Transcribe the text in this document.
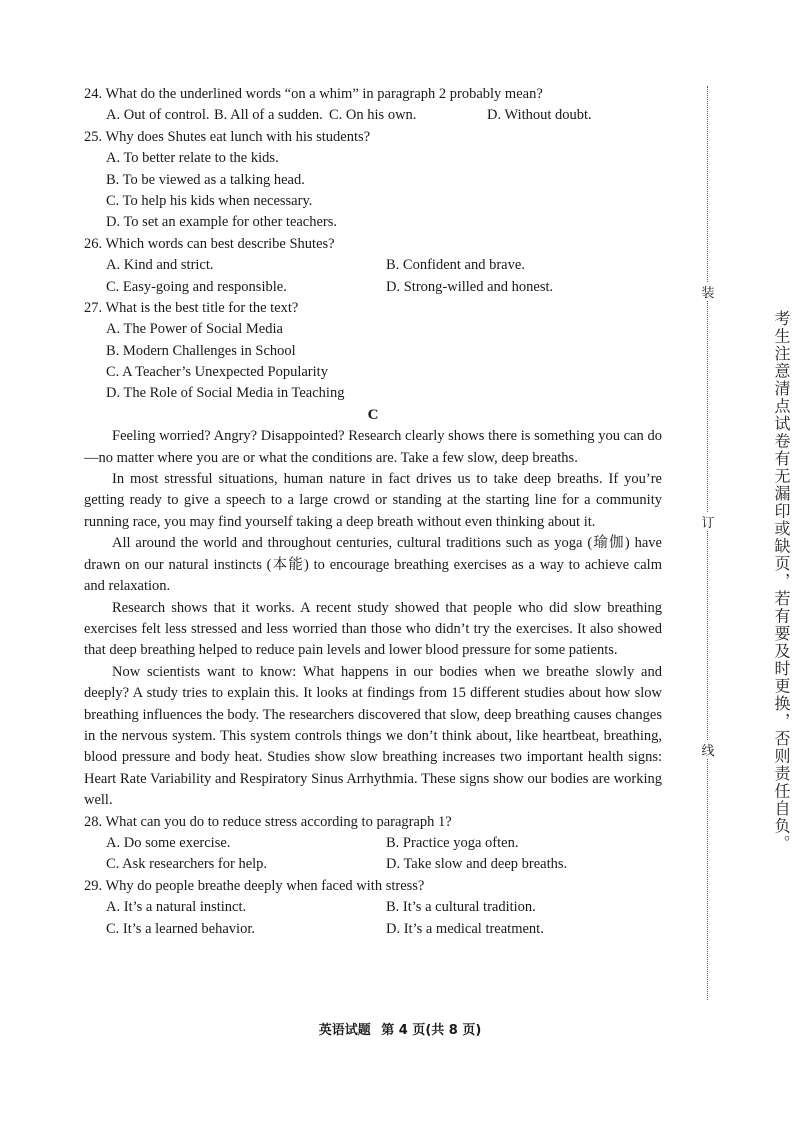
24. What do the underlined words “on a whim” in paragraph 2 probably mean?
A. Out of control. B. All of a sudden. C. On his own.	D. Without doubt.
25. Why does Shutes eat lunch with his students?
A. To better relate to the kids.
B. To be viewed as a talking head.
C. To help his kids when necessary.
D. To set an example for other teachers.
26. Which words can best describe Shutes?
A. Kind and strict.	B. Confident and brave.
C. Easy-going and responsible.	D. Strong-willed and honest.
27. What is the best title for the text?
A. The Power of Social Media
B. Modern Challenges in School
C. A Teacher’s Unexpected Popularity
D. The Role of Social Media in Teaching
C

Feeling worried? Angry? Disappointed? Research clearly shows there is something you can do—no matter where you are or what the conditions are. Take a few slow, deep breaths.

In most stressful situations, human nature in fact drives us to take deep breaths. If you’re getting ready to give a speech to a large crowd or standing at the starting line for a community running race, you may find yourself taking a deep breath without even thinking about it.

All around the world and throughout centuries, cultural traditions such as yoga (瑜伽) have drawn on our natural instincts (本能) to encourage breathing exercises as a way to achieve calm and relaxation.

Research shows that it works. A recent study showed that people who did slow breathing exercises felt less stressed and less worried than those who didn’t try the exercises. It also showed that deep breathing helped to reduce pain levels and lower blood pressure for some patients.

Now scientists want to know: What happens in our bodies when we breathe slowly and deeply? A study tries to explain this. It looks at findings from 15 different studies about how slow breathing influences the body. The researchers discovered that slow, deep breathing causes changes in the nervous system. This system controls things we don’t think about, like heartbeat, breathing, blood pressure and body heat. Studies show slow breathing increases two important health signs: Heart Rate Variability and Respiratory Sinus Arrhythmia. These signs show our bodies are working well.

28. What can you do to reduce stress according to paragraph 1?
A. Do some exercise.	B. Practice yoga often.
C. Ask researchers for help.	D. Take slow and deep breaths.
29. Why do people breathe deeply when faced with stress?
A. It’s a natural instinct.	B. It’s a cultural tradition.
C. It’s a learned behavior.	D. It’s a medical treatment.
装
订
线	考生注意清点试卷有无漏印或缺页，若有要及时更换，否则责任自负。
英语试题 第 4 页(共 8 页)
